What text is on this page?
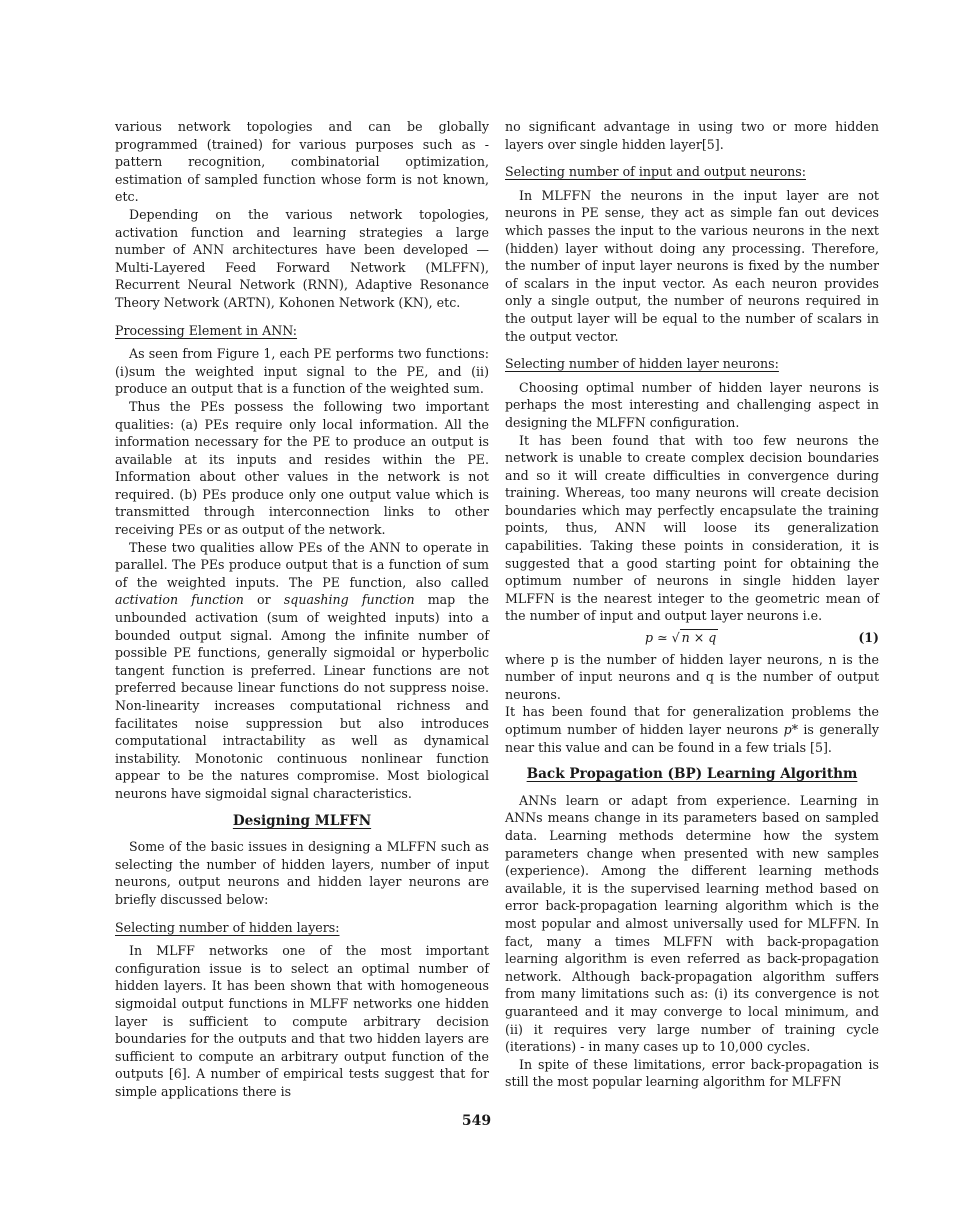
various network topologies and can be globally programmed (trained) for various purposes such as - pattern recognition, combinatorial optimization, estimation of sampled function whose form is not known, etc.

Depending on the various network topologies, activation function and learning strategies a large number of ANN architectures have been developed — Multi-Layered Feed Forward Network (MLFFN), Recurrent Neural Network (RNN), Adaptive Resonance Theory Network (ARTN), Kohonen Network (KN), etc.

Processing Element in ANN:

As seen from Figure 1, each PE performs two functions: (i)sum the weighted input signal to the PE, and (ii) produce an output that is a function of the weighted sum.

Thus the PEs possess the following two important qualities: (a) PEs require only local information. All the information necessary for the PE to produce an output is available at its inputs and resides within the PE. Information about other values in the network is not required. (b) PEs produce only one output value which is transmitted through interconnection links to other receiving PEs or as output of the network.

These two qualities allow PEs of the ANN to operate in parallel. The PEs produce output that is a function of sum of the weighted inputs. The PE function, also called activation function or squashing function map the unbounded activation (sum of weighted inputs) into a bounded output signal. Among the infinite number of possible PE functions, generally sigmoidal or hyperbolic tangent function is preferred. Linear functions are not preferred because linear functions do not suppress noise. Non-linearity increases computational richness and facilitates noise suppression but also introduces computational intractability as well as dynamical instability. Monotonic continuous nonlinear function appear to be the natures compromise. Most biological neurons have sigmoidal signal characteristics.

Designing MLFFN

Some of the basic issues in designing a MLFFN such as selecting the number of hidden layers, number of input neurons, output neurons and hidden layer neurons are briefly discussed below:

Selecting number of hidden layers:

In MLFF networks one of the most important configuration issue is to select an optimal number of hidden layers. It has been shown that with homogeneous sigmoidal output functions in MLFF networks one hidden layer is sufficient to compute arbitrary decision boundaries for the outputs and that two hidden layers are sufficient to compute an arbitrary output function of the outputs [6]. A number of empirical tests suggest that for simple applications there is

no significant advantage in using two or more hidden layers over single hidden layer[5].

Selecting number of input and output neurons:

In MLFFN the neurons in the input layer are not neurons in PE sense, they act as simple fan out devices which passes the input to the various neurons in the next (hidden) layer without doing any processing. Therefore, the number of input layer neurons is fixed by the number of scalars in the input vector. As each neuron provides only a single output, the number of neurons required in the output layer will be equal to the number of scalars in the output vector.

Selecting number of hidden layer neurons:

Choosing optimal number of hidden layer neurons is perhaps the most interesting and challenging aspect in designing the MLFFN configuration.

It has been found that with too few neurons the network is unable to create complex decision boundaries and so it will create difficulties in convergence during training. Whereas, too many neurons will create decision boundaries which may perfectly encapsulate the training points, thus, ANN will loose its generalization capabilities. Taking these points in consideration, it is suggested that a good starting point for obtaining the optimum number of neurons in single hidden layer MLFFN is the nearest integer to the geometric mean of the number of input and output layer neurons i.e.

p ≃ √ n × q	(1)

where p is the number of hidden layer neurons, n is the number of input neurons and q is the number of output neurons.

It has been found that for generalization problems the optimum number of hidden layer neurons p* is generally near this value and can be found in a few trials [5].

Back Propagation (BP) Learning Algorithm

ANNs learn or adapt from experience. Learning in ANNs means change in its parameters based on sampled data. Learning methods determine how the system parameters change when presented with new samples (experience). Among the different learning methods available, it is the supervised learning method based on error back-propagation learning algorithm which is the most popular and almost universally used for MLFFN. In fact, many a times MLFFN with back-propagation learning algorithm is even referred as back-propagation network. Although back-propagation algorithm suffers from many limitations such as: (i) its convergence is not guaranteed and it may converge to local minimum, and (ii) it requires very large number of training cycle (iterations) - in many cases up to 10,000 cycles.

In spite of these limitations, error back-propagation is still the most popular learning algorithm for MLFFN

549
